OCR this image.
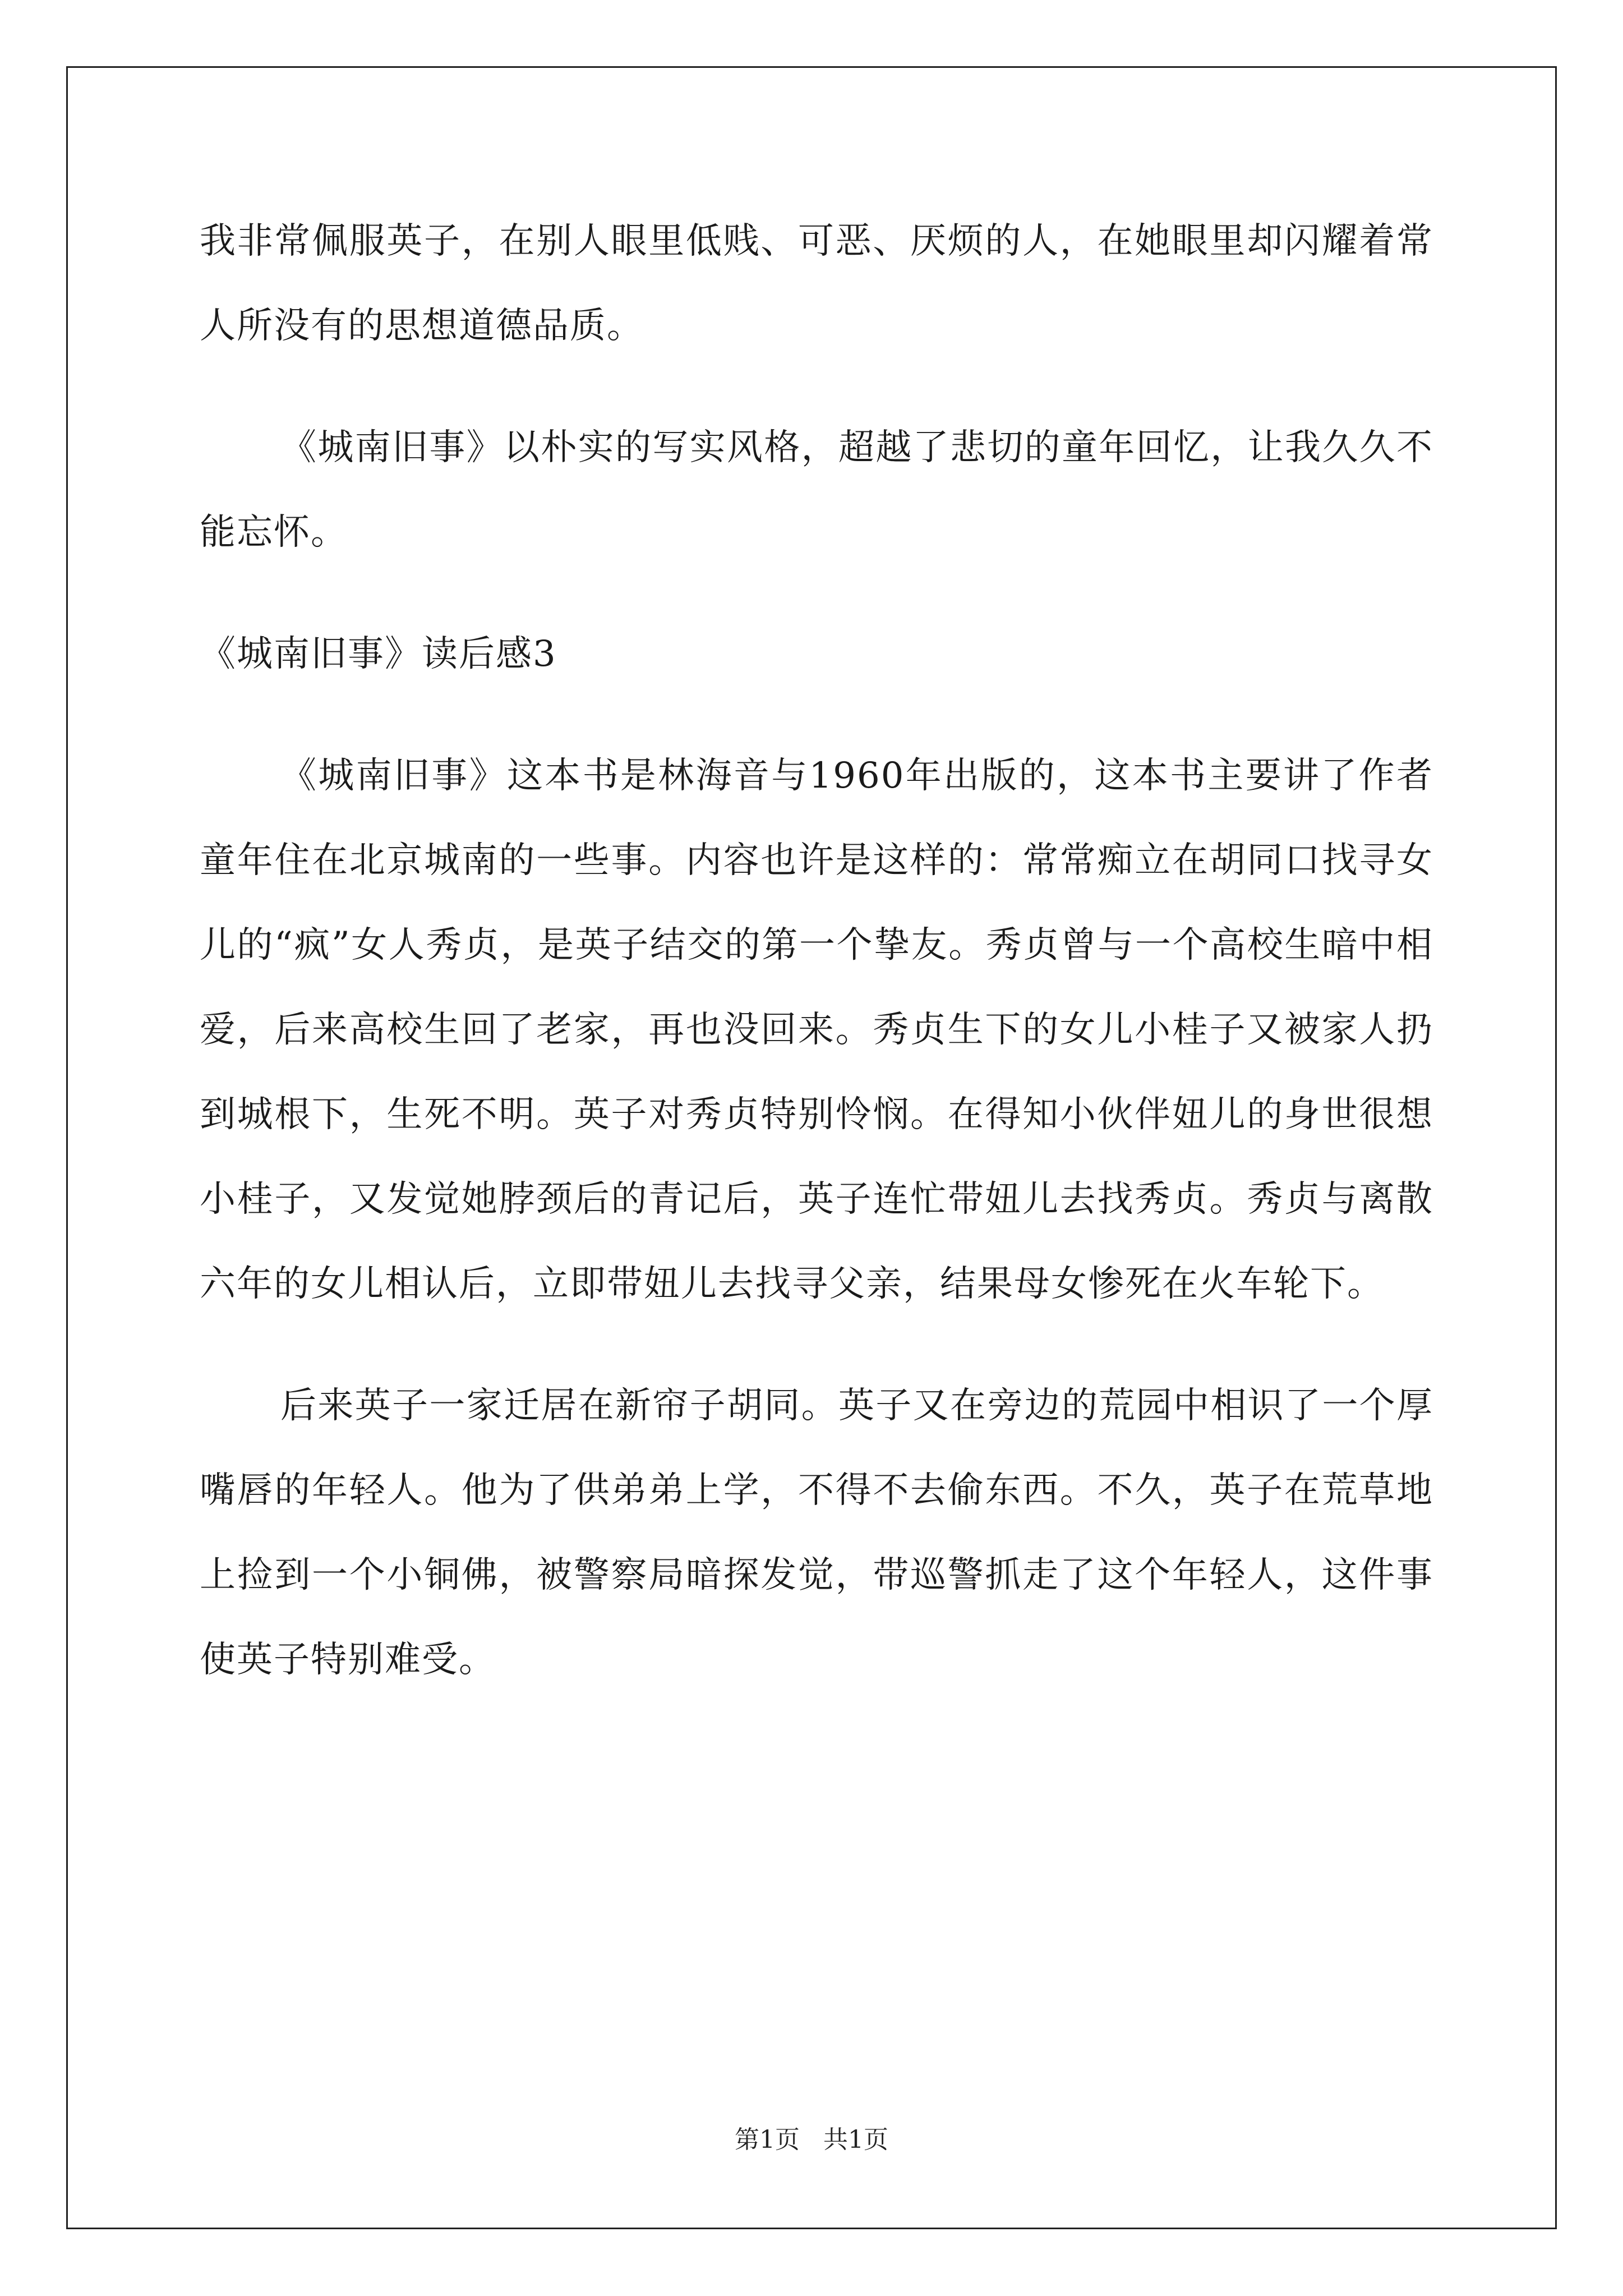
我非常佩服英子，在别人眼里低贱、可恶、厌烦的人，在她眼里却闪耀着常人所没有的思想道德品质。

《城南旧事》以朴实的写实风格，超越了悲切的童年回忆，让我久久不能忘怀。

《城南旧事》读后感3

《城南旧事》这本书是林海音与1960年出版的，这本书主要讲了作者童年住在北京城南的一些事。内容也许是这样的：常常痴立在胡同口找寻女儿的“疯”女人秀贞，是英子结交的第一个挚友。秀贞曾与一个高校生暗中相爱，后来高校生回了老家，再也没回来。秀贞生下的女儿小桂子又被家人扔到城根下，生死不明。英子对秀贞特别怜悯。在得知小伙伴妞儿的身世很想小桂子，又发觉她脖颈后的青记后，英子连忙带妞儿去找秀贞。秀贞与离散六年的女儿相认后，立即带妞儿去找寻父亲，结果母女惨死在火车轮下。

后来英子一家迁居在新帘子胡同。英子又在旁边的荒园中相识了一个厚嘴唇的年轻人。他为了供弟弟上学，不得不去偷东西。不久，英子在荒草地上捡到一个小铜佛，被警察局暗探发觉，带巡警抓走了这个年轻人，这件事使英子特别难受。

第1页 共1页
